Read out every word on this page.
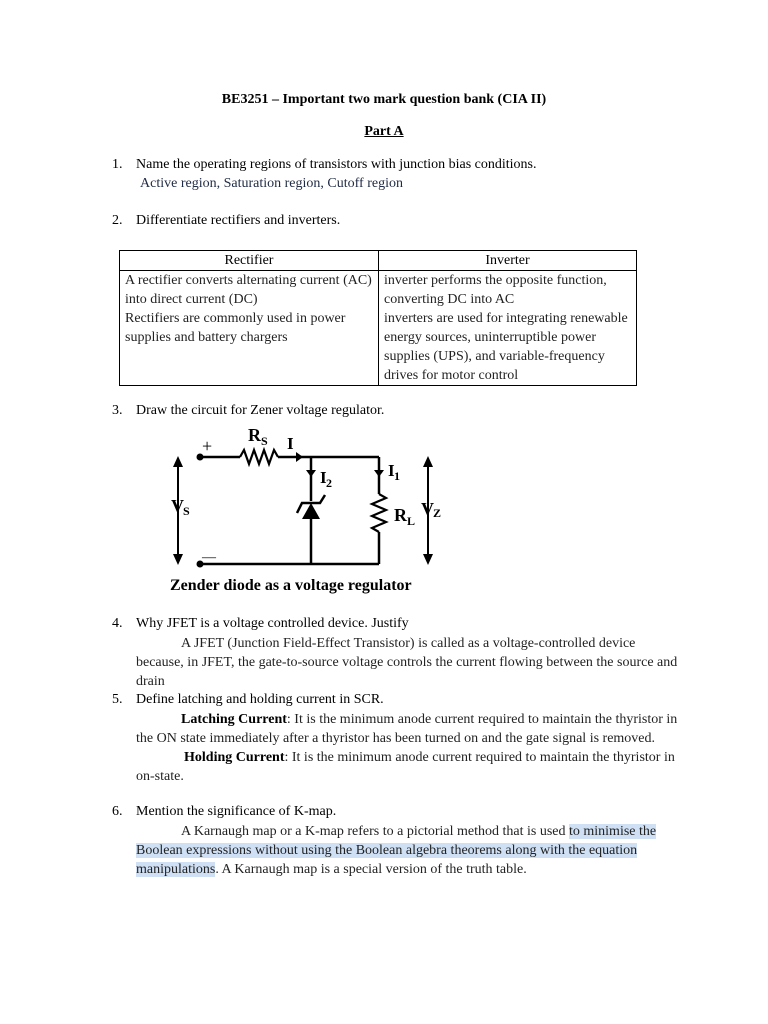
BE3251 – Important two mark question bank (CIA II)
Part A
1. Name the operating regions of transistors with junction bias conditions.
Active region, Saturation region, Cutoff region
2. Differentiate rectifiers and inverters.
Rectifier	Inverter
A rectifier converts alternating current (AC) into direct current (DC)	inverter performs the opposite function, converting DC into AC
Rectifiers are commonly used in power supplies and battery chargers	inverters are used for integrating renewable energy sources, uninterruptible power supplies (UPS), and variable-frequency drives for motor control
3. Draw the circuit for Zener voltage regulator.
+
—
R S I
I 2
I 1
V S	R L
V Z
Zender diode as a voltage regulator
4. Why JFET is a voltage controlled device. Justify
A JFET (Junction Field-Effect Transistor) is called as a voltage-controlled device because, in JFET, the gate-to-source voltage controls the current flowing between the source and drain
5. Define latching and holding current in SCR.
Latching Current: It is the minimum anode current required to maintain the thyristor in the ON state immediately after a thyristor has been turned on and the gate signal is removed.
Holding Current: It is the minimum anode current required to maintain the thyristor in on-state.
6. Mention the significance of K-map.
A Karnaugh map or a K-map refers to a pictorial method that is used to minimise the Boolean expressions without using the Boolean algebra theorems along with the equation manipulations. A Karnaugh map is a special version of the truth table.
